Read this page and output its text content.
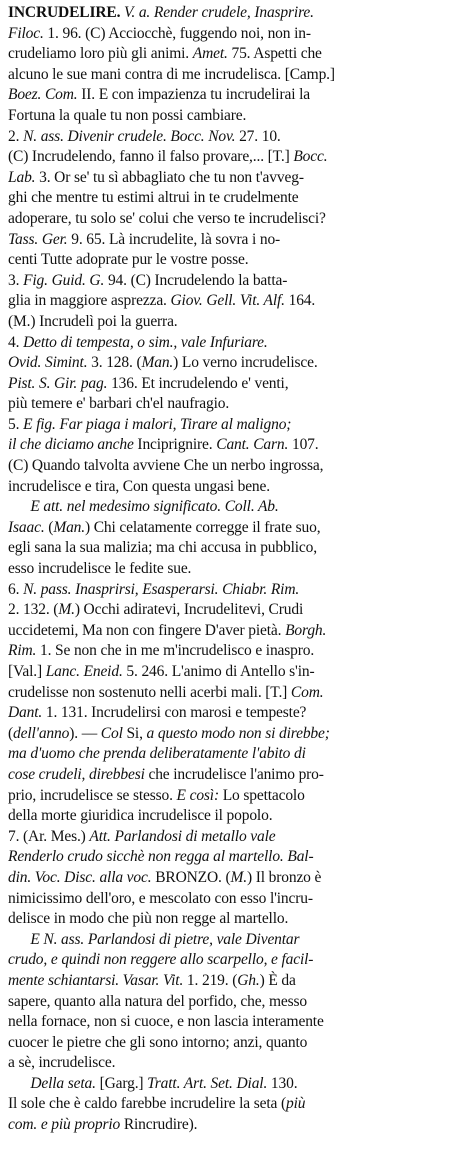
INCRUDELIRE. V. a. Render crudele, Inasprire.
Filoc. 1. 96. (C) Acciocchè, fuggendo noi, non in-
crudeliamo loro più gli animi. Amet. 75. Aspetti che
alcuno le sue mani contra di me incrudelisca. [Camp.]
Boez. Com. II. E con impazienza tu incrudelirai la
Fortuna la quale tu non possi cambiare.
2. N. ass. Divenir crudele. Bocc. Nov. 27. 10.
(C) Incrudelendo, fanno il falso provare,... [T.] Bocc.
Lab. 3. Or se' tu sì abbagliato che tu non t'avveg-
ghi che mentre tu estimi altrui in te crudelmente
adoperare, tu solo se' colui che verso te incrudelisci?
Tass. Ger. 9. 65. Là incrudelite, là sovra i no-
centi Tutte adoprate pur le vostre posse.
3. Fig. Guid. G. 94. (C) Incrudelendo la batta-
glia in maggiore asprezza. Giov. Gell. Vit. Alf. 164.
(M.) Incrudelì poi la guerra.
4. Detto di tempesta, o sim., vale Infuriare.
Ovid. Simint. 3. 128. (Man.) Lo verno incrudelisce.
Pist. S. Gir. pag. 136. Et incrudelendo e' venti,
più temere e' barbari ch'el naufragio.
5. E fig. Far piaga i malori, Tirare al maligno;
il che diciamo anche Inciprignire. Cant. Carn. 107.
(C) Quando talvolta avviene Che un nerbo ingrossa,
incrudelisce e tira, Con questa ungasi bene.
E att. nel medesimo significato. Coll. Ab.
Isaac. (Man.) Chi celatamente corregge il frate suo,
egli sana la sua malizia; ma chi accusa in pubblico,
esso incrudelisce le fedite sue.
6. N. pass. Inasprirsi, Esasperarsi. Chiabr. Rim.
2. 132. (M.) Occhi adiratevi, Incrudelitevi, Crudi
uccidetemi, Ma non con fingere D'aver pietà. Borgh.
Rim. 1. Se non che in me m'incrudelisco e inaspro.
[Val.] Lanc. Eneid. 5. 246. L'animo di Antello s'in-
crudelisse non sostenuto nelli acerbi mali. [T.] Com.
Dant. 1. 131. Incrudelirsi con marosi e tempeste?
(dell'anno). — Col Si, a questo modo non si direbbe;
ma d'uomo che prenda deliberatamente l'abito di
cose crudeli, direbbesi che incrudelisce l'animo pro-
prio, incrudelisce se stesso. E così: Lo spettacolo
della morte giuridica incrudelisce il popolo.
7. (Ar. Mes.) Att. Parlandosi di metallo vale
Renderlo crudo sicchè non regga al martello. Bal-
din. Voc. Disc. alla voc. BRONZO. (M.) Il bronzo è
nimicissimo dell'oro, e mescolato con esso l'incru-
delisce in modo che più non regge al martello.
E N. ass. Parlandosi di pietre, vale Diventar
crudo, e quindi non reggere allo scarpello, e facil-
mente schiantarsi. Vasar. Vit. 1. 219. (Gh.) È da
sapere, quanto alla natura del porfido, che, messo
nella fornace, non si cuoce, e non lascia interamente
cuocer le pietre che gli sono intorno; anzi, quanto
a sè, incrudelisce.
Della seta. [Garg.] Tratt. Art. Set. Dial. 130.
Il sole che è caldo farebbe incrudelire la seta (più
com. e più proprio Rincrudire).
